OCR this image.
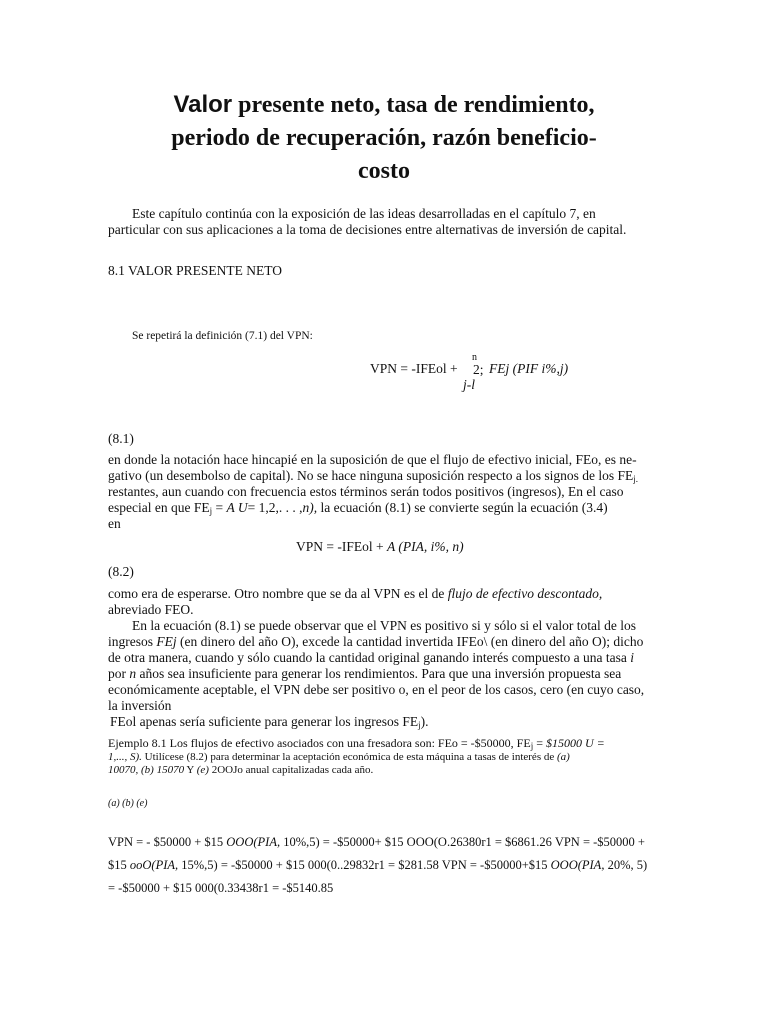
Valor presente neto, tasa de rendimiento,
periodo de recuperación, razón beneficio-
costo
Este capítulo continúa con la exposición de las ideas desarrolladas en el capítulo 7, en
particular con sus aplicaciones a la toma de decisiones entre alternativas de inversión de capital.
8.1 VALOR PRESENTE NETO
Se repetirá la definición (7.1) del VPN:
VPN = -IFEol +
n
2;
j-l
FEj (PIF i%,j)
(8.1)
en donde la notación hace hincapié en la suposición de que el flujo de efectivo inicial, FEo, es ne-
gativo (un desembolso de capital). No se hace ninguna suposición respecto a los signos de los $FE_{j.}$
restantes, aun cuando con frecuencia estos términos serán todos positivos (ingresos), En el caso
especial en que $FE_j = A$ U= 1,2,. . . ,n), la ecuación (8.1) se convierte según la ecuación (3.4)
en
VPN = -IFEol + A (PIA, i%, n)
(8.2)
como era de esperarse. Otro nombre que se da al VPN es el de flujo de efectivo descontado,
abreviado FEO.
En la ecuación (8.1) se puede observar que el VPN es positivo si y sólo si el valor total de los
ingresos FEj (en dinero del año O), excede la cantidad invertida IFEo\ (en dinero del año O); dicho
de otra manera, cuando y sólo cuando la cantidad original ganando interés compuesto a una tasa i
por n años sea insuficiente para generar los rendimientos. Para que una inversión propuesta sea
económicamente aceptable, el VPN debe ser positivo o, en el peor de los casos, cero (en cuyo caso,
la inversión
FEol apenas sería suficiente para generar los ingresos $FE_j$).
Ejemplo 8.1 Los flujos de efectivo asociados con una fresadora son: FEo = -$50000, $FE_j$ = $15000 U =
1,..., S). Utilícese (8.2) para determinar la aceptación económica de esta máquina a tasas de interés de (a)
10070, (b) 15070 Y (e) 2OOJo anual capitalizadas cada año.
(a) (b) (e)
VPN = - $50000 + $15 OOO(PIA, 10%,5) = -$50000+ $15 OOO(O.26380r1 = $6861.26 VPN = -$50000 +
$15 ooO(PIA, 15%,5) = -$50000 + $15 000(0..29832r1 = $281.58 VPN = -$50000+$15 OOO(PIA, 20%, 5)
= -$50000 + $15 000(0.33438r1 = -$5140.85
